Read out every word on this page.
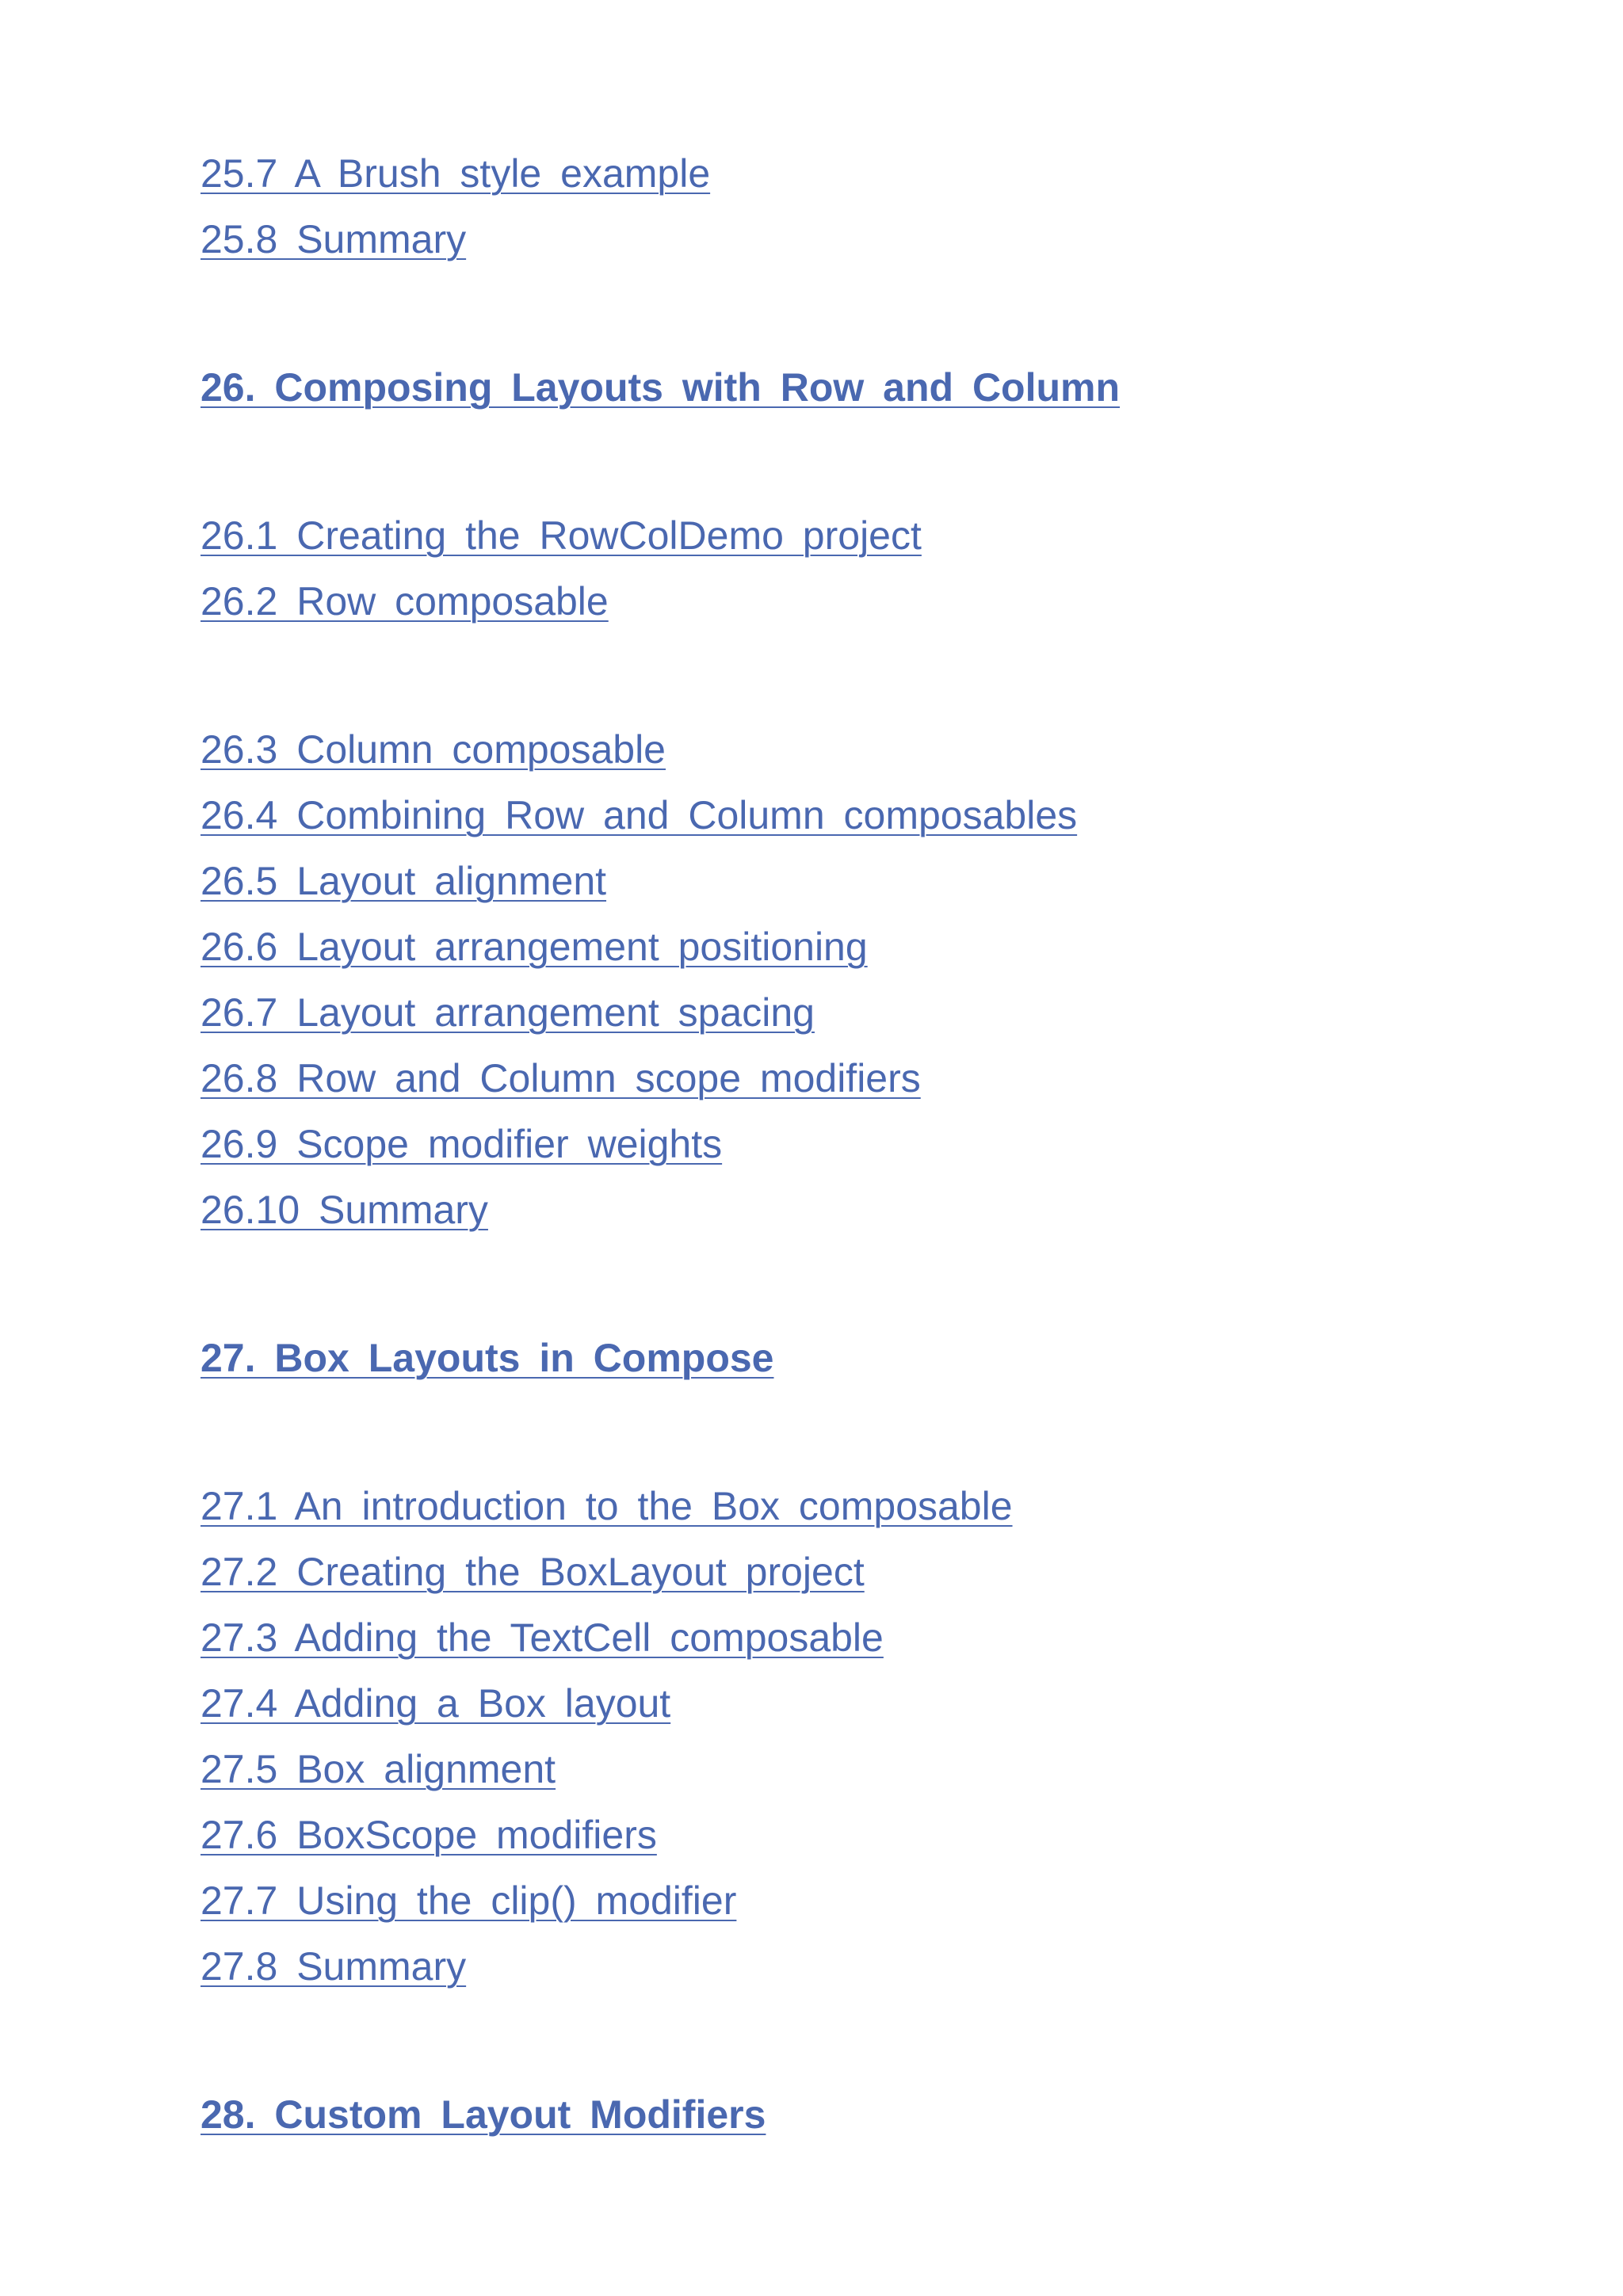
25.7 A Brush style example
25.8 Summary
26. Composing Layouts with Row and Column
26.1 Creating the RowColDemo project
26.2 Row composable
26.3 Column composable
26.4 Combining Row and Column composables
26.5 Layout alignment
26.6 Layout arrangement positioning
26.7 Layout arrangement spacing
26.8 Row and Column scope modifiers
26.9 Scope modifier weights
26.10 Summary
27. Box Layouts in Compose
27.1 An introduction to the Box composable
27.2 Creating the BoxLayout project
27.3 Adding the TextCell composable
27.4 Adding a Box layout
27.5 Box alignment
27.6 BoxScope modifiers
27.7 Using the clip() modifier
27.8 Summary
28. Custom Layout Modifiers
